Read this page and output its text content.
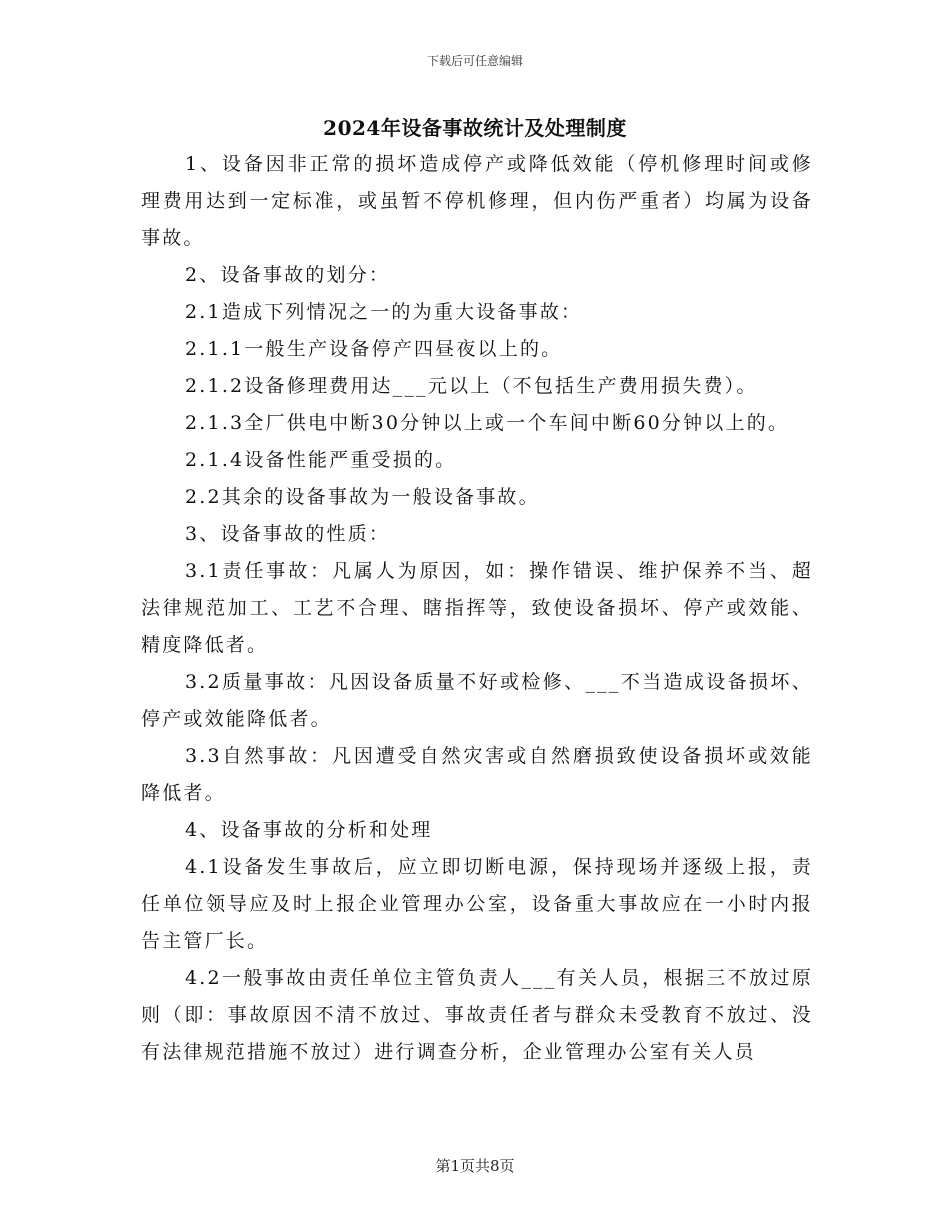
下载后可任意编辑
2024年设备事故统计及处理制度

1、设备因非正常的损坏造成停产或降低效能（停机修理时间或修理费用达到一定标准，或虽暂不停机修理，但内伤严重者）均属为设备事故。

2、设备事故的划分：

2.1造成下列情况之一的为重大设备事故：

2.1.1一般生产设备停产四昼夜以上的。

2.1.2设备修理费用达___元以上（不包括生产费用损失费）。

2.1.3全厂供电中断30分钟以上或一个车间中断60分钟以上的。

2.1.4设备性能严重受损的。

2.2其余的设备事故为一般设备事故。

3、设备事故的性质：

3.1责任事故：凡属人为原因，如：操作错误、维护保养不当、超法律规范加工、工艺不合理、瞎指挥等，致使设备损坏、停产或效能、精度降低者。

3.2质量事故：凡因设备质量不好或检修、___不当造成设备损坏、停产或效能降低者。

3.3自然事故：凡因遭受自然灾害或自然磨损致使设备损坏或效能降低者。

4、设备事故的分析和处理

4.1设备发生事故后，应立即切断电源，保持现场并逐级上报，责任单位领导应及时上报企业管理办公室，设备重大事故应在一小时内报告主管厂长。

4.2一般事故由责任单位主管负责人___有关人员，根据三不放过原则（即：事故原因不清不放过、事故责任者与群众未受教育不放过、没有法律规范措施不放过）进行调查分析，企业管理办公室有关人员

第1页共8页
